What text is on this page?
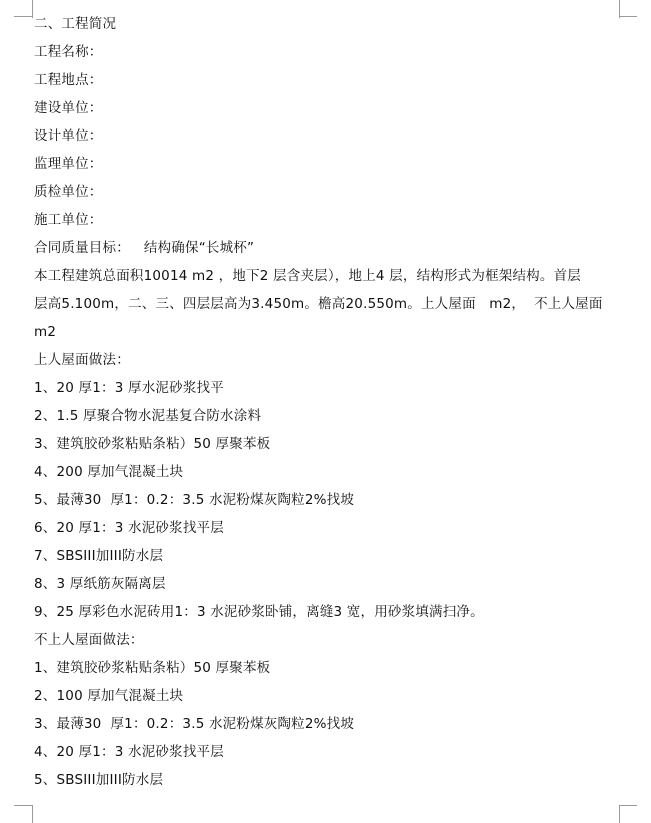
二、工程简况
工程名称：
工程地点：
建设单位：
设计单位：
监理单位：
质检单位：
施工单位：
合同质量目标： 结构确保“长城杯”
本工程建筑总面积10014 m2 ，地下2 层含夹层），地上4 层，结构形式为框架结构。首层
层高5.100m，二、三、四层层高为3.450m。檐高20.550m。上人屋面   m2，  不上人屋面
m2
上人屋面做法：
1、20 厚1：3 厚水泥砂浆找平
2、1.5 厚聚合物水泥基复合防水涂料
3、建筑胶砂浆粘贴条粘）50 厚聚苯板
4、200 厚加气混凝土块
5、最薄30  厚1：0.2：3.5 水泥粉煤灰陶粒2%找坡
6、20 厚1：3 水泥砂浆找平层
7、SBSIII加III防水层
8、3 厚纸筋灰隔离层
9、25 厚彩色水泥砖用1：3 水泥砂浆卧铺，离缝3 宽，用砂浆填满扫净。
不上人屋面做法：
1、建筑胶砂浆粘贴条粘）50 厚聚苯板
2、100 厚加气混凝土块
3、最薄30  厚1：0.2：3.5 水泥粉煤灰陶粒2%找坡
4、20 厚1：3 水泥砂浆找平层
5、SBSIII加III防水层
